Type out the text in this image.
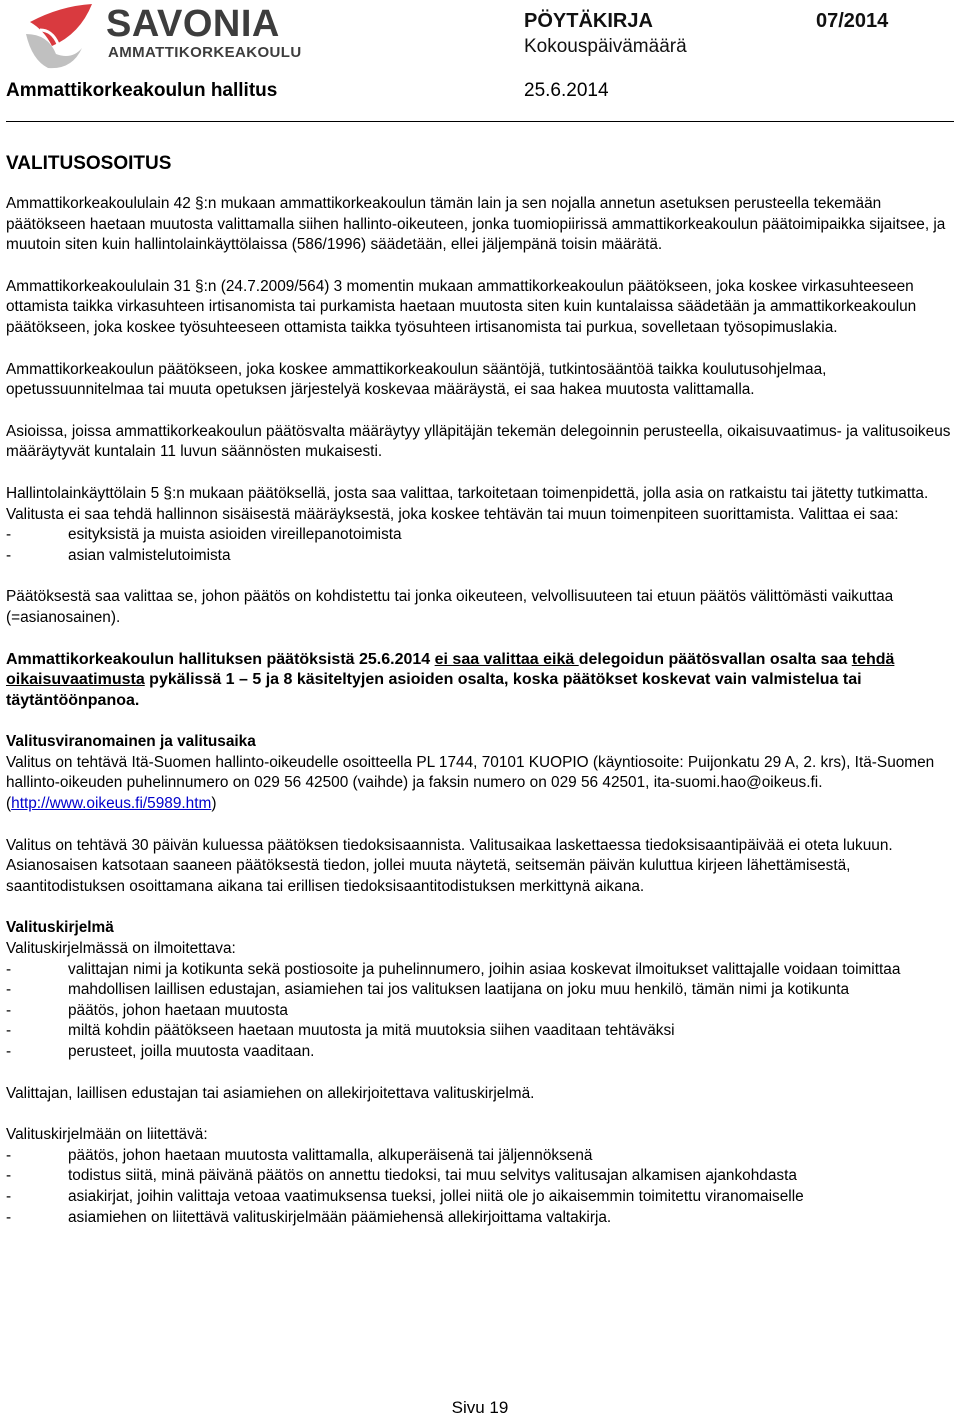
SAVONIA
AMMATTIKORKEAKOULU
PÖYTÄKIRJA	07/2014
Kokouspäivämäärä
Ammattikorkeakoulun hallitus	25.6.2014
VALITUSOSOITUS

Ammattikorkeakoululain 42 §:n mukaan ammattikorkeakoulun tämän lain ja sen nojalla annetun asetuksen perusteella tekemään päätökseen haetaan muutosta valittamalla siihen hallinto-oikeuteen, jonka tuomiopiirissä ammattikorkeakoulun päätoimipaikka sijaitsee, ja muutoin siten kuin hallintolainkäyttölaissa (586/1996) säädetään, ellei jäljempänä toisin määrätä.

Ammattikorkeakoululain 31 §:n (24.7.2009/564) 3 momentin mukaan ammattikorkeakoulun päätökseen, joka koskee virkasuhteeseen ottamista taikka virkasuhteen irtisanomista tai purkamista haetaan muutosta siten kuin kuntalaissa säädetään ja ammattikorkeakoulun päätökseen, joka koskee työsuhteeseen ottamista taikka työsuhteen irtisanomista tai purkua, sovelletaan työsopimuslakia.

Ammattikorkeakoulun päätökseen, joka koskee ammattikorkeakoulun sääntöjä, tutkintosääntöä taikka koulutusohjelmaa, opetussuunnitelmaa tai muuta opetuksen järjestelyä koskevaa määräystä, ei saa hakea muutosta valittamalla.

Asioissa, joissa ammattikorkeakoulun päätösvalta määräytyy ylläpitäjän tekemän delegoinnin perusteella, oikaisuvaatimus- ja valitusoikeus määräytyvät kuntalain 11 luvun säännösten mukaisesti.

Hallintolainkäyttölain 5 §:n mukaan päätöksellä, josta saa valittaa, tarkoitetaan toimenpidettä, jolla asia on ratkaistu tai jätetty tutkimatta. Valitusta ei saa tehdä hallinnon sisäisestä määräyksestä, joka koskee tehtävän tai muun toimenpiteen suorittamista. Valittaa ei saa:

-	esityksistä ja muista asioiden vireillepanotoimista
-	asian valmistelutoimista

Päätöksestä saa valittaa se, johon päätös on kohdistettu tai jonka oikeuteen, velvollisuuteen tai etuun päätös välittömästi vaikuttaa (=asianosainen).

Ammattikorkeakoulun hallituksen päätöksistä 25.6.2014 ei saa valittaa eikä delegoidun päätösvallan osalta saa tehdä oikaisuvaatimusta pykälissä 1 – 5 ja 8 käsiteltyjen asioiden osalta, koska päätökset koskevat vain valmistelua tai täytäntöönpanoa.

Valitusviranomainen ja valitusaika

Valitus on tehtävä Itä-Suomen hallinto-oikeudelle osoitteella PL 1744, 70101 KUOPIO (käyntiosoite: Puijonkatu 29 A, 2. krs), Itä-Suomen hallinto-oikeuden puhelinnumero on 029 56 42500 (vaihde) ja faksin numero on 029 56 42501, ita-suomi.hao@oikeus.fi. (http://www.oikeus.fi/5989.htm)

Valitus on tehtävä 30 päivän kuluessa päätöksen tiedoksisaannista. Valitusaikaa laskettaessa tiedoksisaantipäivää ei oteta lukuun. Asianosaisen katsotaan saaneen päätöksestä tiedon, jollei muuta näytetä, seitsemän päivän kuluttua kirjeen lähettämisestä, saantitodistuksen osoittamana aikana tai erillisen tiedoksisaantitodistuksen merkittynä aikana.

Valituskirjelmä
Valituskirjelmässä on ilmoitettava:
-	valittajan nimi ja kotikunta sekä postiosoite ja puhelinnumero, joihin asiaa koskevat ilmoitukset valittajalle voidaan toimittaa
-	mahdollisen laillisen edustajan, asiamiehen tai jos valituksen laatijana on joku muu henkilö, tämän nimi ja kotikunta
-	päätös, johon haetaan muutosta
-	miltä kohdin päätökseen haetaan muutosta ja mitä muutoksia siihen vaaditaan tehtäväksi
-	perusteet, joilla muutosta vaaditaan.

Valittajan, laillisen edustajan tai asiamiehen on allekirjoitettava valituskirjelmä.

Valituskirjelmään on liitettävä:
-	päätös, johon haetaan muutosta valittamalla, alkuperäisenä tai jäljennöksenä
-	todistus siitä, minä päivänä päätös on annettu tiedoksi, tai muu selvitys valitusajan alkamisen ajankohdasta
-	asiakirjat, joihin valittaja vetoaa vaatimuksensa tueksi, jollei niitä ole jo aikaisemmin toimitettu viranomaiselle
-	asiamiehen on liitettävä valituskirjelmään päämiehensä allekirjoittama valtakirja.
Sivu 19
